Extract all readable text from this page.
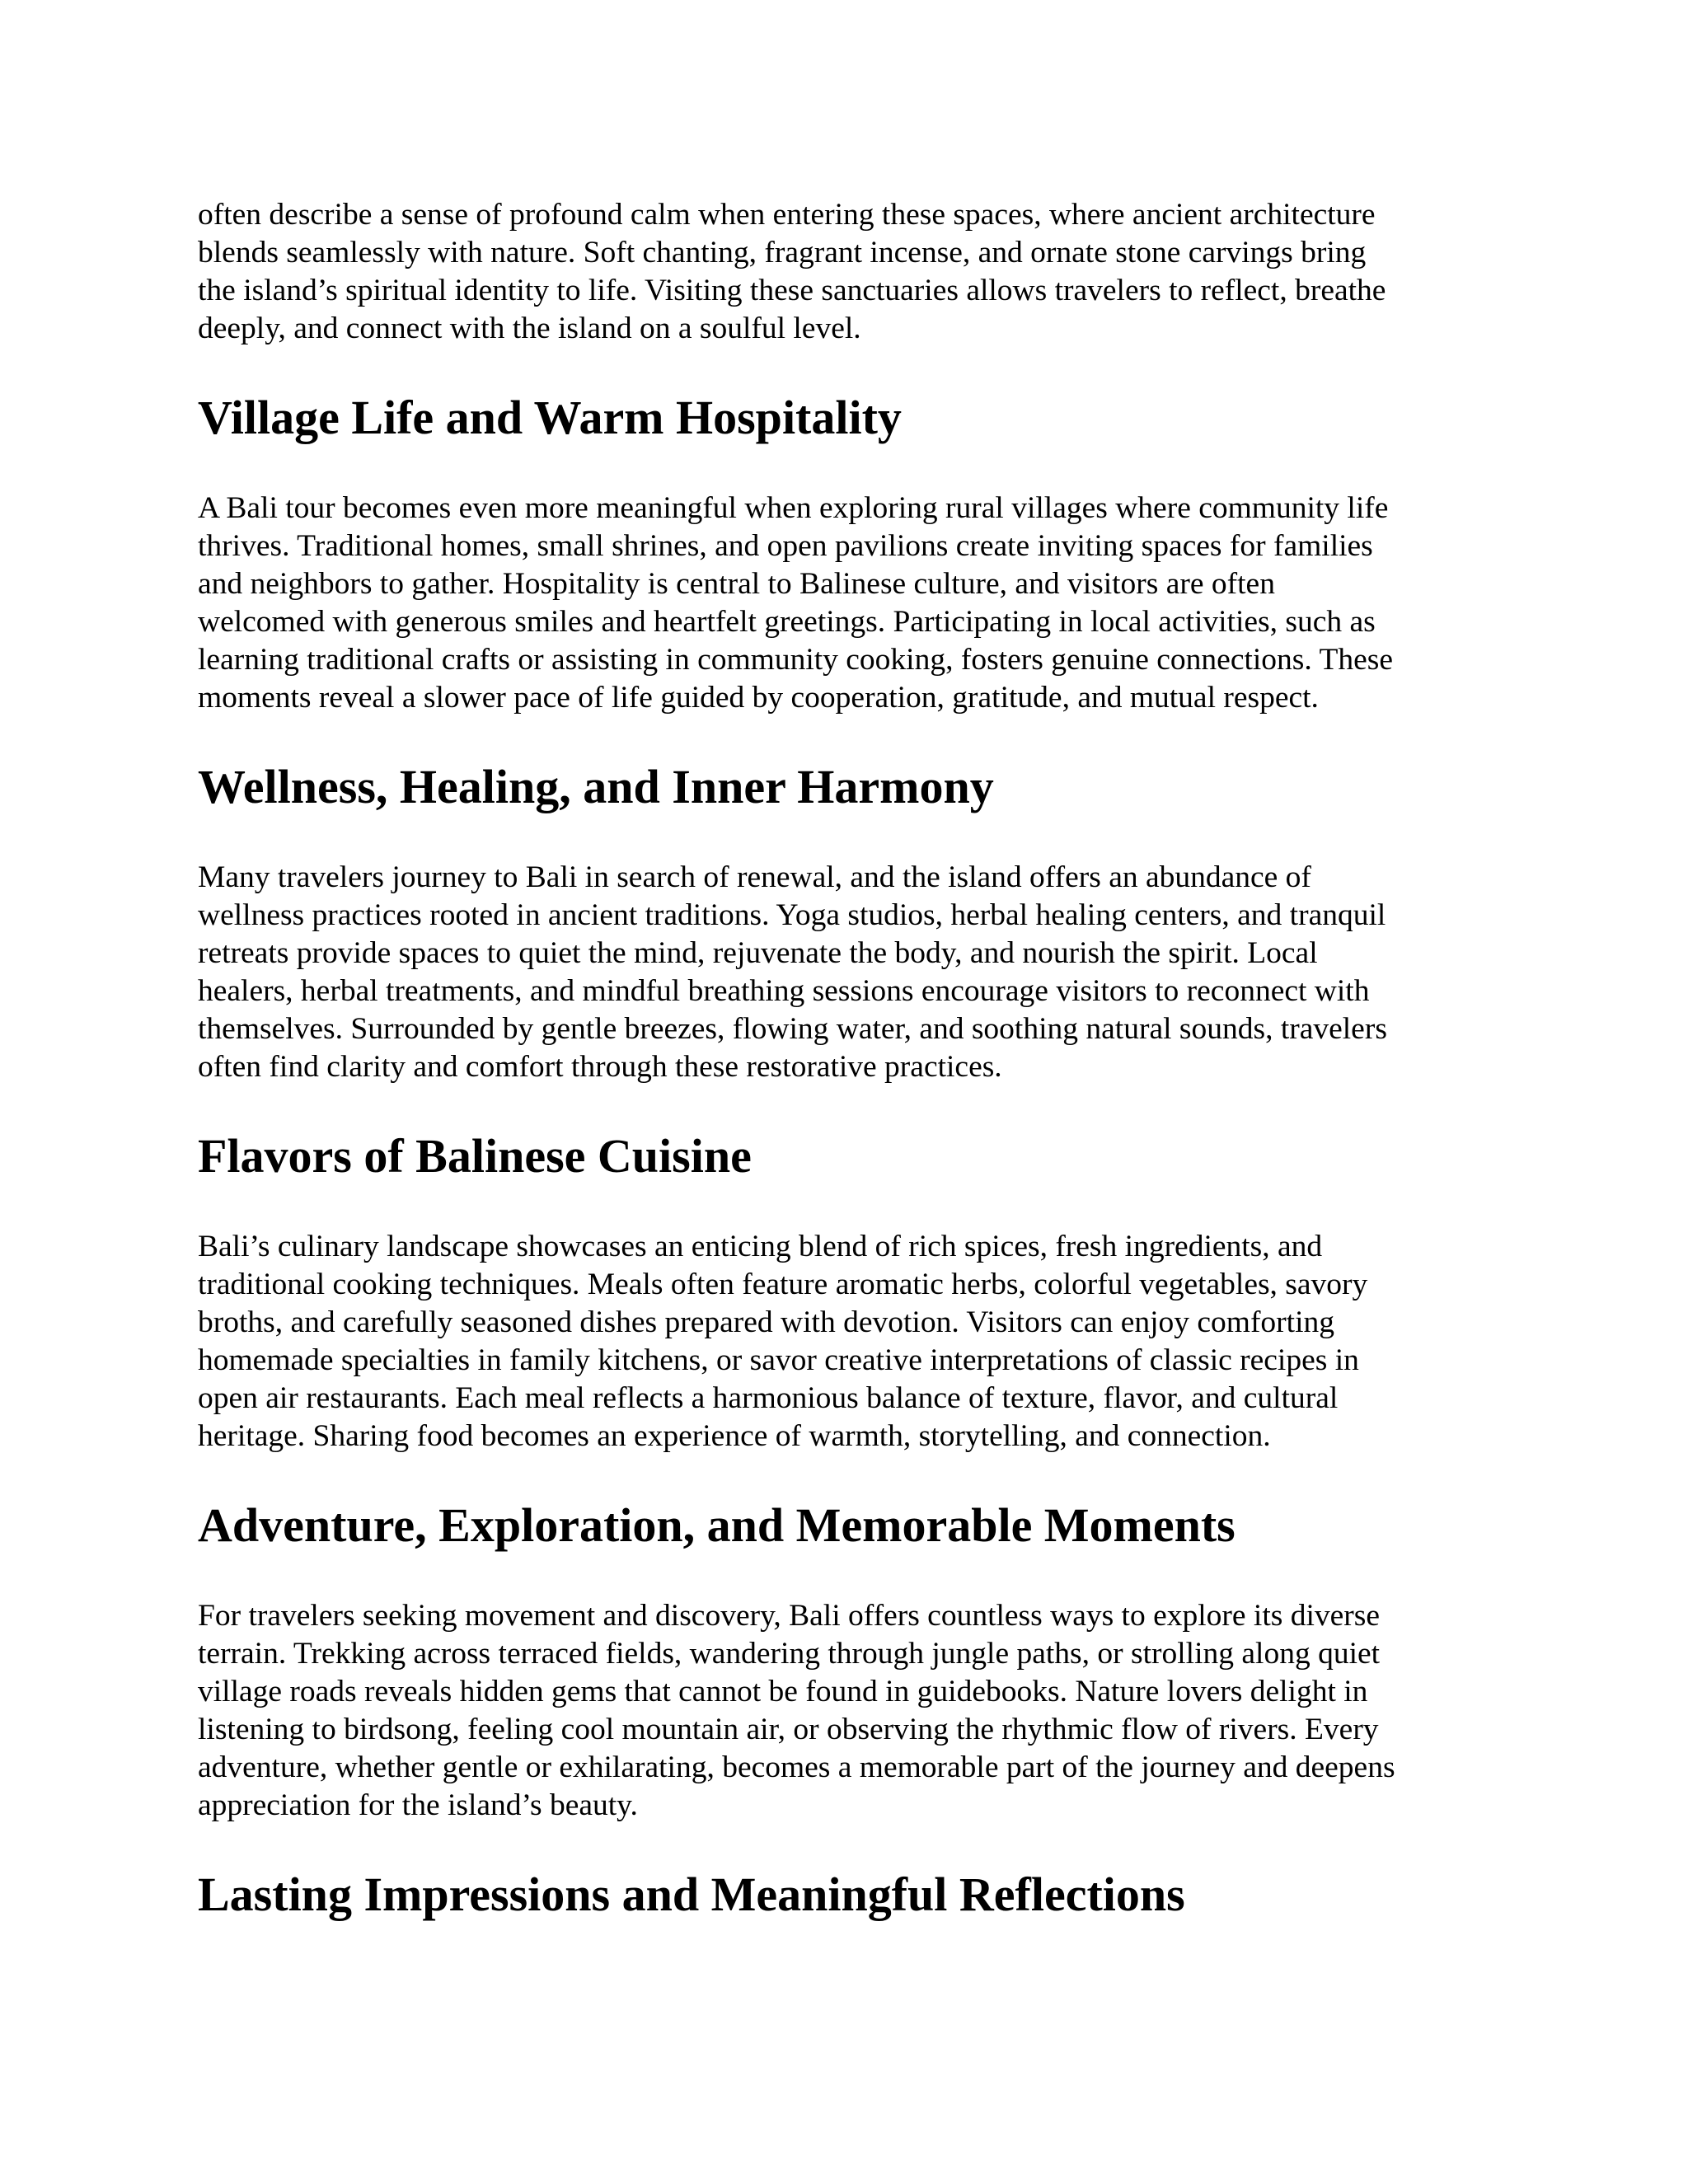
often describe a sense of profound calm when entering these spaces, where ancient architecture
blends seamlessly with nature. Soft chanting, fragrant incense, and ornate stone carvings bring
the island’s spiritual identity to life. Visiting these sanctuaries allows travelers to reflect, breathe
deeply, and connect with the island on a soulful level.

Village Life and Warm Hospitality

A Bali tour becomes even more meaningful when exploring rural villages where community life
thrives. Traditional homes, small shrines, and open pavilions create inviting spaces for families
and neighbors to gather. Hospitality is central to Balinese culture, and visitors are often
welcomed with generous smiles and heartfelt greetings. Participating in local activities, such as
learning traditional crafts or assisting in community cooking, fosters genuine connections. These
moments reveal a slower pace of life guided by cooperation, gratitude, and mutual respect.

Wellness, Healing, and Inner Harmony

Many travelers journey to Bali in search of renewal, and the island offers an abundance of
wellness practices rooted in ancient traditions. Yoga studios, herbal healing centers, and tranquil
retreats provide spaces to quiet the mind, rejuvenate the body, and nourish the spirit. Local
healers, herbal treatments, and mindful breathing sessions encourage visitors to reconnect with
themselves. Surrounded by gentle breezes, flowing water, and soothing natural sounds, travelers
often find clarity and comfort through these restorative practices.

Flavors of Balinese Cuisine

Bali’s culinary landscape showcases an enticing blend of rich spices, fresh ingredients, and
traditional cooking techniques. Meals often feature aromatic herbs, colorful vegetables, savory
broths, and carefully seasoned dishes prepared with devotion. Visitors can enjoy comforting
homemade specialties in family kitchens, or savor creative interpretations of classic recipes in
open air restaurants. Each meal reflects a harmonious balance of texture, flavor, and cultural
heritage. Sharing food becomes an experience of warmth, storytelling, and connection.

Adventure, Exploration, and Memorable Moments

For travelers seeking movement and discovery, Bali offers countless ways to explore its diverse
terrain. Trekking across terraced fields, wandering through jungle paths, or strolling along quiet
village roads reveals hidden gems that cannot be found in guidebooks. Nature lovers delight in
listening to birdsong, feeling cool mountain air, or observing the rhythmic flow of rivers. Every
adventure, whether gentle or exhilarating, becomes a memorable part of the journey and deepens
appreciation for the island’s beauty.

Lasting Impressions and Meaningful Reflections
